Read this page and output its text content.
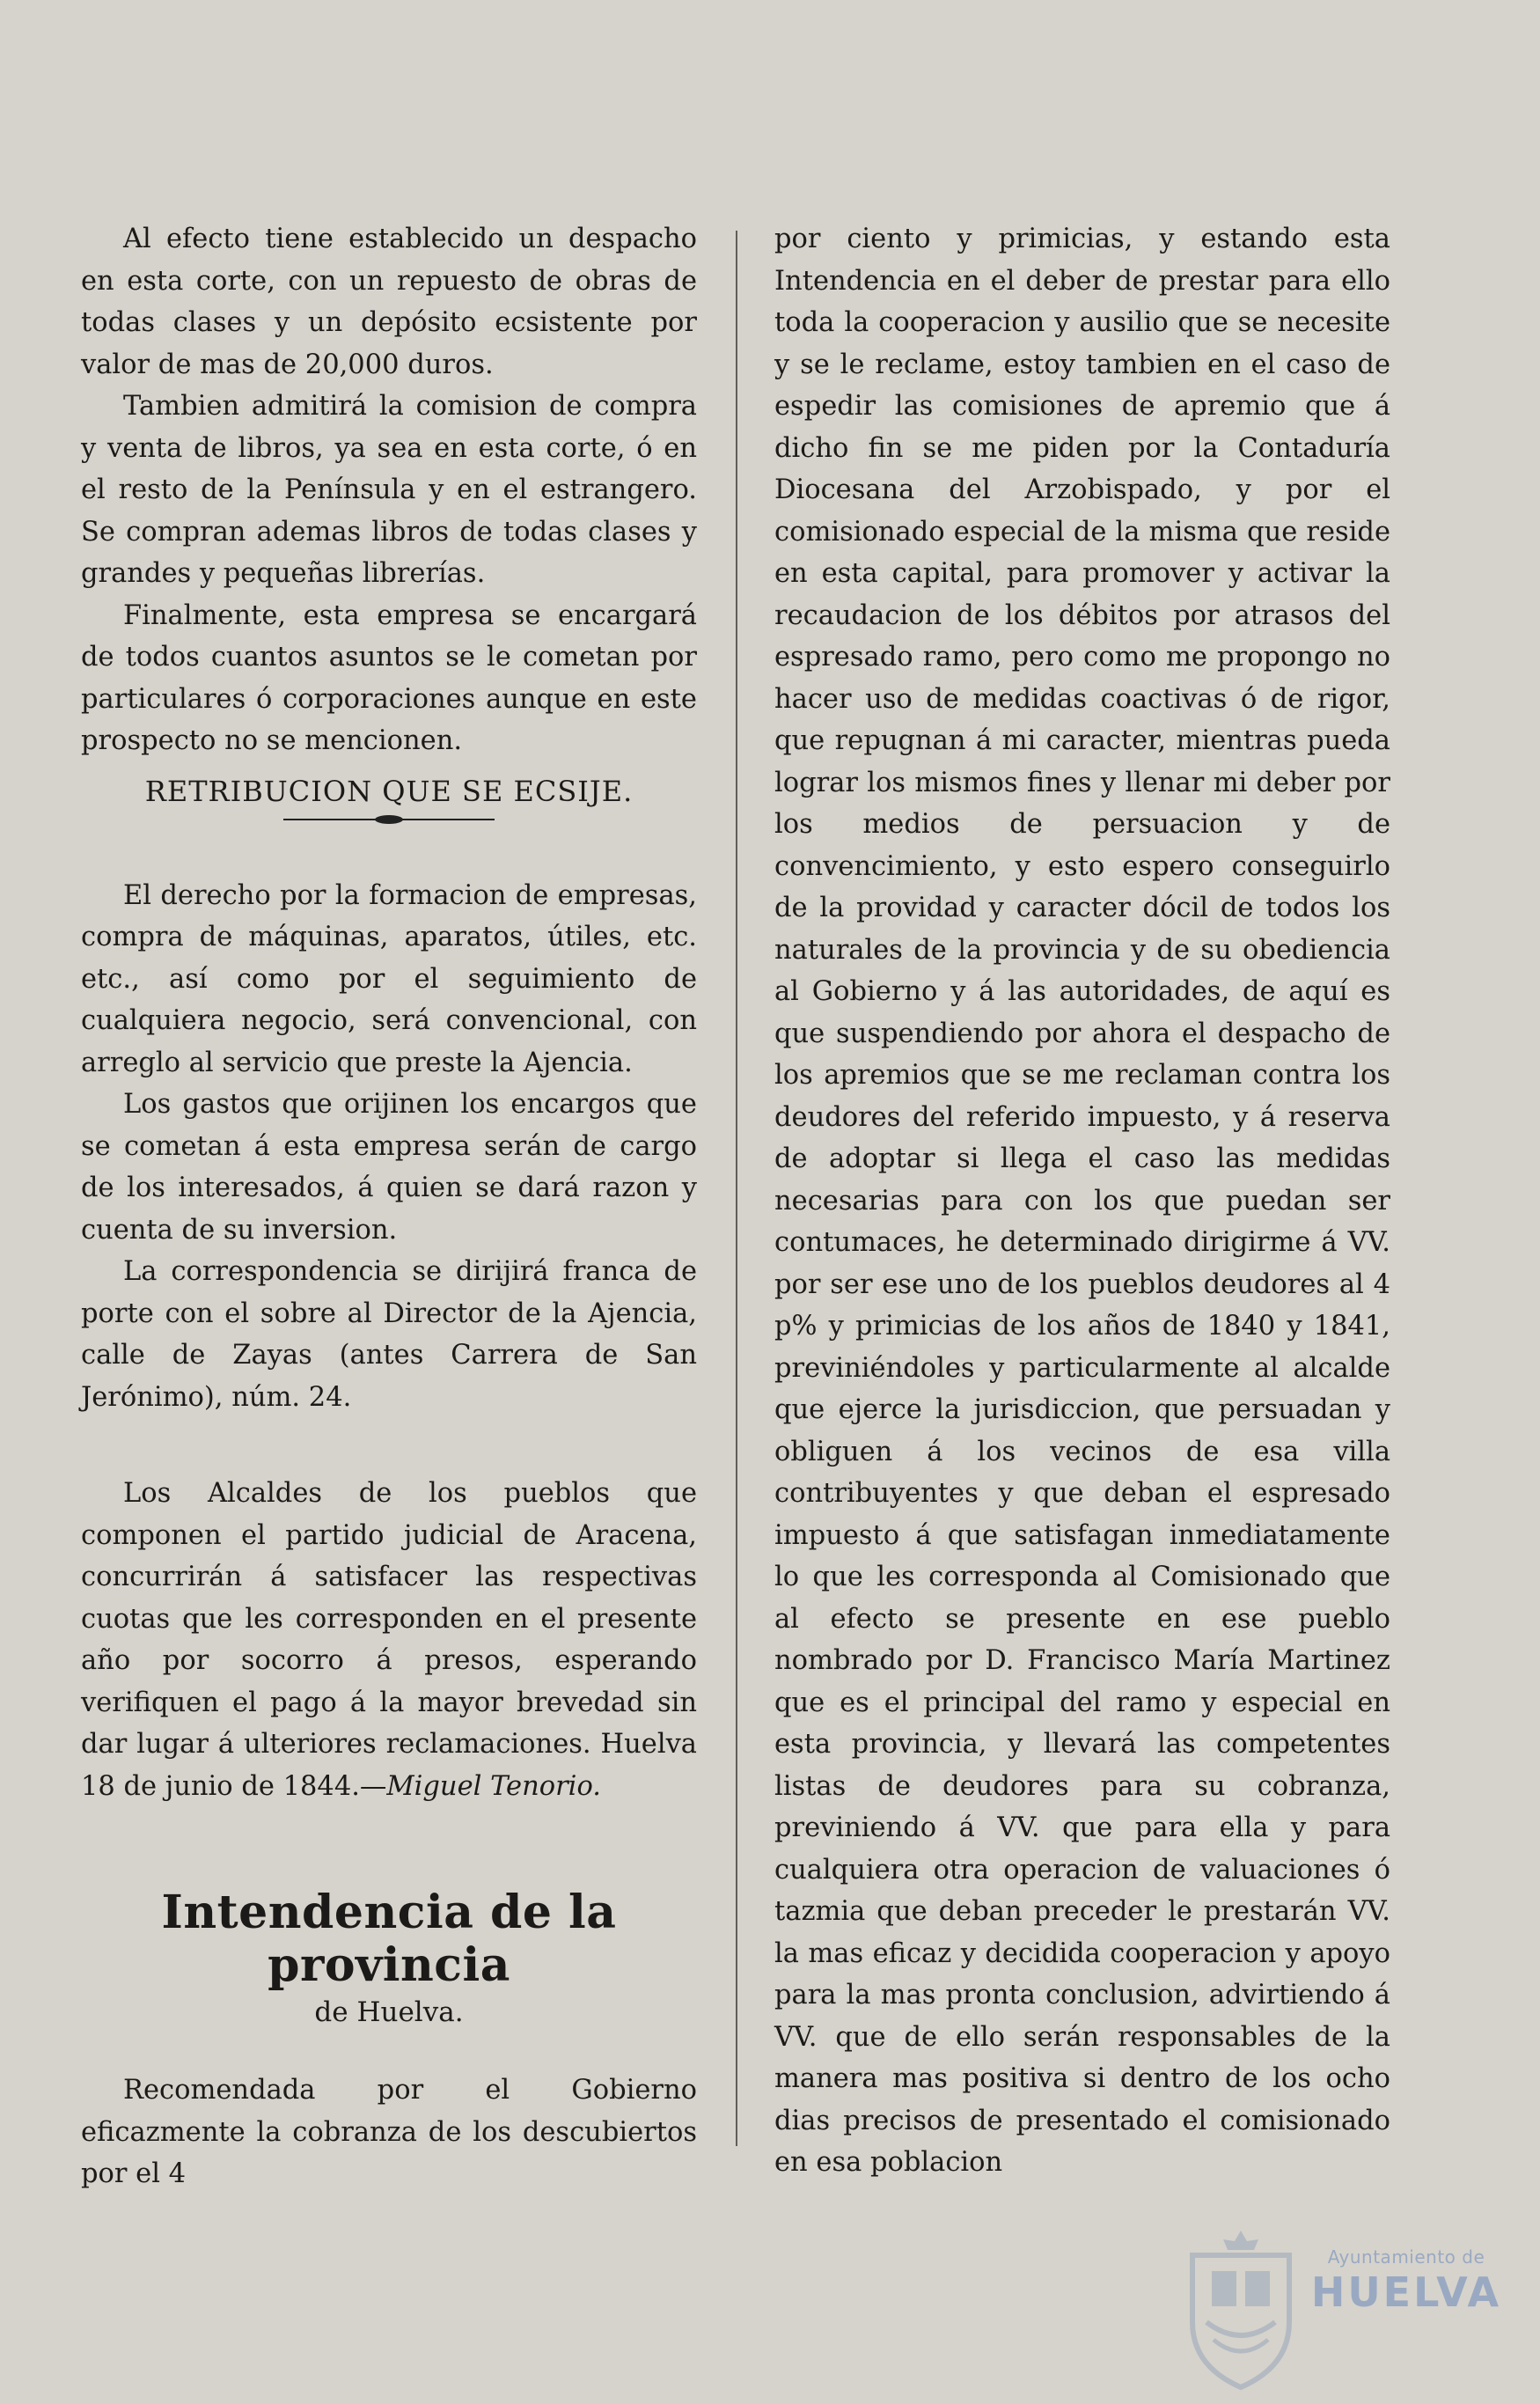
Al efecto tiene establecido un despacho en esta corte, con un repuesto de obras de todas clases y un depósito ecsistente por valor de mas de 20,000 duros.

Tambien admitirá la comision de compra y venta de libros, ya sea en esta corte, ó en el resto de la Península y en el estrangero. Se compran ademas libros de todas clases y grandes y pequeñas librerías.

Finalmente, esta empresa se encargará de todos cuantos asuntos se le cometan por particulares ó corporaciones aunque en este prospecto no se mencionen.

RETRIBUCION QUE SE ECSIJE.

El derecho por la formacion de empresas, compra de máquinas, aparatos, útiles, etc. etc., así como por el seguimiento de cualquiera negocio, será convencional, con arreglo al servicio que preste la Ajencia.

Los gastos que orijinen los encargos que se cometan á esta empresa serán de cargo de los interesados, á quien se dará razon y cuenta de su inversion.

La correspondencia se dirijirá franca de porte con el sobre al Director de la Ajencia, calle de Zayas (antes Carrera de San Jerónimo), núm. 24.

Los Alcaldes de los pueblos que componen el partido judicial de Aracena, concurrirán á satisfacer las respectivas cuotas que les corresponden en el presente año por socorro á presos, esperando verifiquen el pago á la mayor brevedad sin dar lugar á ulteriores reclamaciones. Huelva 18 de junio de 1844.—Miguel Tenorio.

Intendencia de la provincia

de Huelva.

Recomendada por el Gobierno eficazmente la cobranza de los descubiertos por el 4

por ciento y primicias, y estando esta Intendencia en el deber de prestar para ello toda la cooperacion y ausilio que se necesite y se le reclame, estoy tambien en el caso de espedir las comisiones de apremio que á dicho fin se me piden por la Contaduría Diocesana del Arzobispado, y por el comisionado especial de la misma que reside en esta capital, para promover y activar la recaudacion de los débitos por atrasos del espresado ramo, pero como me propongo no hacer uso de medidas coactivas ó de rigor, que repugnan á mi caracter, mientras pueda lograr los mismos fines y llenar mi deber por los medios de persuacion y de convencimiento, y esto espero conseguirlo de la providad y caracter dócil de todos los naturales de la provincia y de su obediencia al Gobierno y á las autoridades, de aquí es que suspendiendo por ahora el despacho de los apremios que se me reclaman contra los deudores del referido impuesto, y á reserva de adoptar si llega el caso las medidas necesarias para con los que puedan ser contumaces, he determinado dirigirme á VV. por ser ese uno de los pueblos deudores al 4 p% y primicias de los años de 1840 y 1841, previniéndoles y particularmente al alcalde que ejerce la jurisdiccion, que persuadan y obliguen á los vecinos de esa villa contribuyentes y que deban el espresado impuesto á que satisfagan inmediatamente lo que les corresponda al Comisionado que al efecto se presente en ese pueblo nombrado por D. Francisco María Martinez que es el principal del ramo y especial en esta provincia, y llevará las competentes listas de deudores para su cobranza, previniendo á VV. que para ella y para cualquiera otra operacion de valuaciones ó tazmia que deban preceder le prestarán VV. la mas eficaz y decidida cooperacion y apoyo para la mas pronta conclusion, advirtiendo á VV. que de ello serán responsables de la manera mas positiva si dentro de los ocho dias precisos de presentado el comisionado en esa poblacion

Ayuntamiento de
HUELVA
